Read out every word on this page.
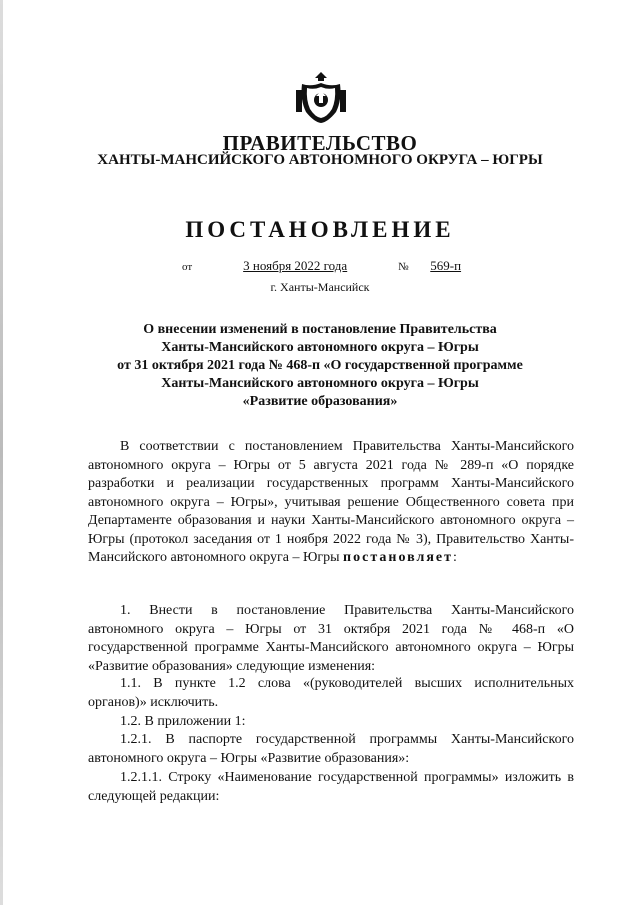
ПРАВИТЕЛЬСТВО
ХАНТЫ-МАНСИЙСКОГО АВТОНОМНОГО ОКРУГА – ЮГРЫ
ПОСТАНОВЛЕНИЕ
от	3 ноября 2022 года	№ 569-п
г. Ханты-Мансийск
О внесении изменений в постановление Правительства
Ханты-Мансийского автономного округа – Югры
от 31 октября 2021 года № 468-п «О государственной программе
Ханты-Мансийского автономного округа – Югры
«Развитие образования»
В соответствии с постановлением Правительства Ханты-Мансийского автономного округа – Югры от 5 августа 2021 года № 289-п «О порядке разработки и реализации государственных программ Ханты-Мансийского автономного округа – Югры», учитывая решение Общественного совета при Департаменте образования и науки Ханты-Мансийского автономного округа – Югры (протокол заседания от 1 ноября 2022 года № 3), Правительство Ханты-Мансийского автономного округа – Югры постановляет:
1. Внести в постановление Правительства Ханты-Мансийского автономного округа – Югры от 31 октября 2021 года № 468-п «О государственной программе Ханты-Мансийского автономного округа – Югры «Развитие образования» следующие изменения:
1.1. В пункте 1.2 слова «(руководителей высших исполнительных органов)» исключить.
1.2. В приложении 1:
1.2.1. В паспорте государственной программы Ханты-Мансийского автономного округа – Югры «Развитие образования»:
1.2.1.1. Строку «Наименование государственной программы» изложить в следующей редакции:
